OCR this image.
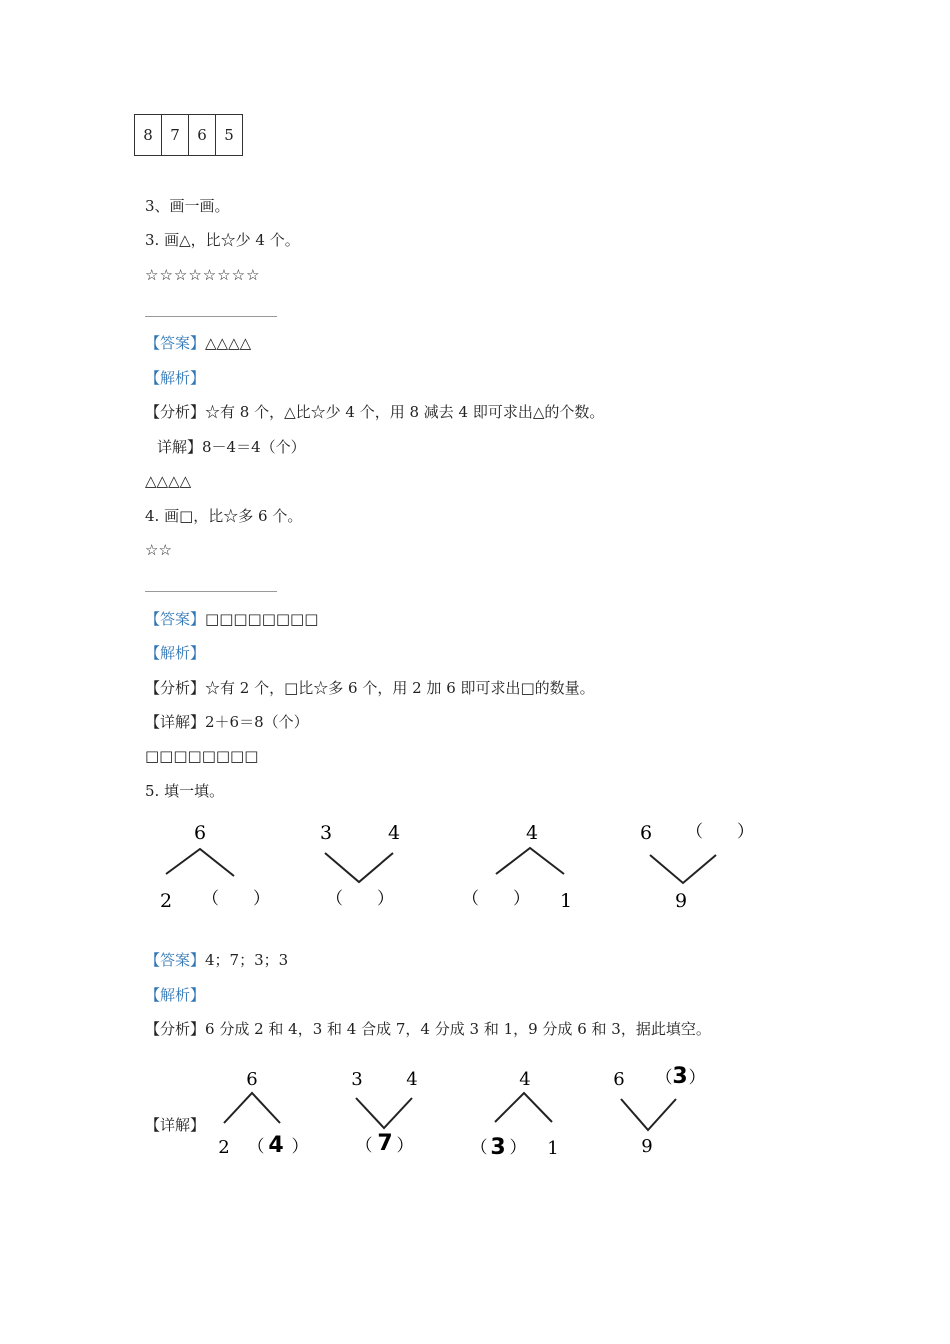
8	7	6	5
3、画一画。
3. 画△，比☆少 4 个。
☆☆☆☆☆☆☆☆
【答案】△△△△
【解析】
【分析】☆有 8 个，△比☆少 4 个，用 8 减去 4 即可求出△的个数。
详解】8－4＝4（个）
△△△△
4. 画□，比☆多 6 个。
☆☆
【答案】□□□□□□□□
【解析】
【分析】☆有 2 个，□比☆多 6 个，用 2 加 6 即可求出□的数量。
【详解】2＋6＝8（个）
□□□□□□□□
5. 填一填。
6
2 （　　）
3	4
（　　）
4
（　　） 1
6 （　　）
9
【答案】4；7；3；3
【解析】
【分析】6 分成 2 和 4，3 和 4 合成 7，4 分成 3 和 1，9 分成 6 和 3，据此填空。
【详解】
6
2 （ 4 ）
3 4
（ 7 ）
4
（ 3 ） 1
6 （ 3 ）
9
